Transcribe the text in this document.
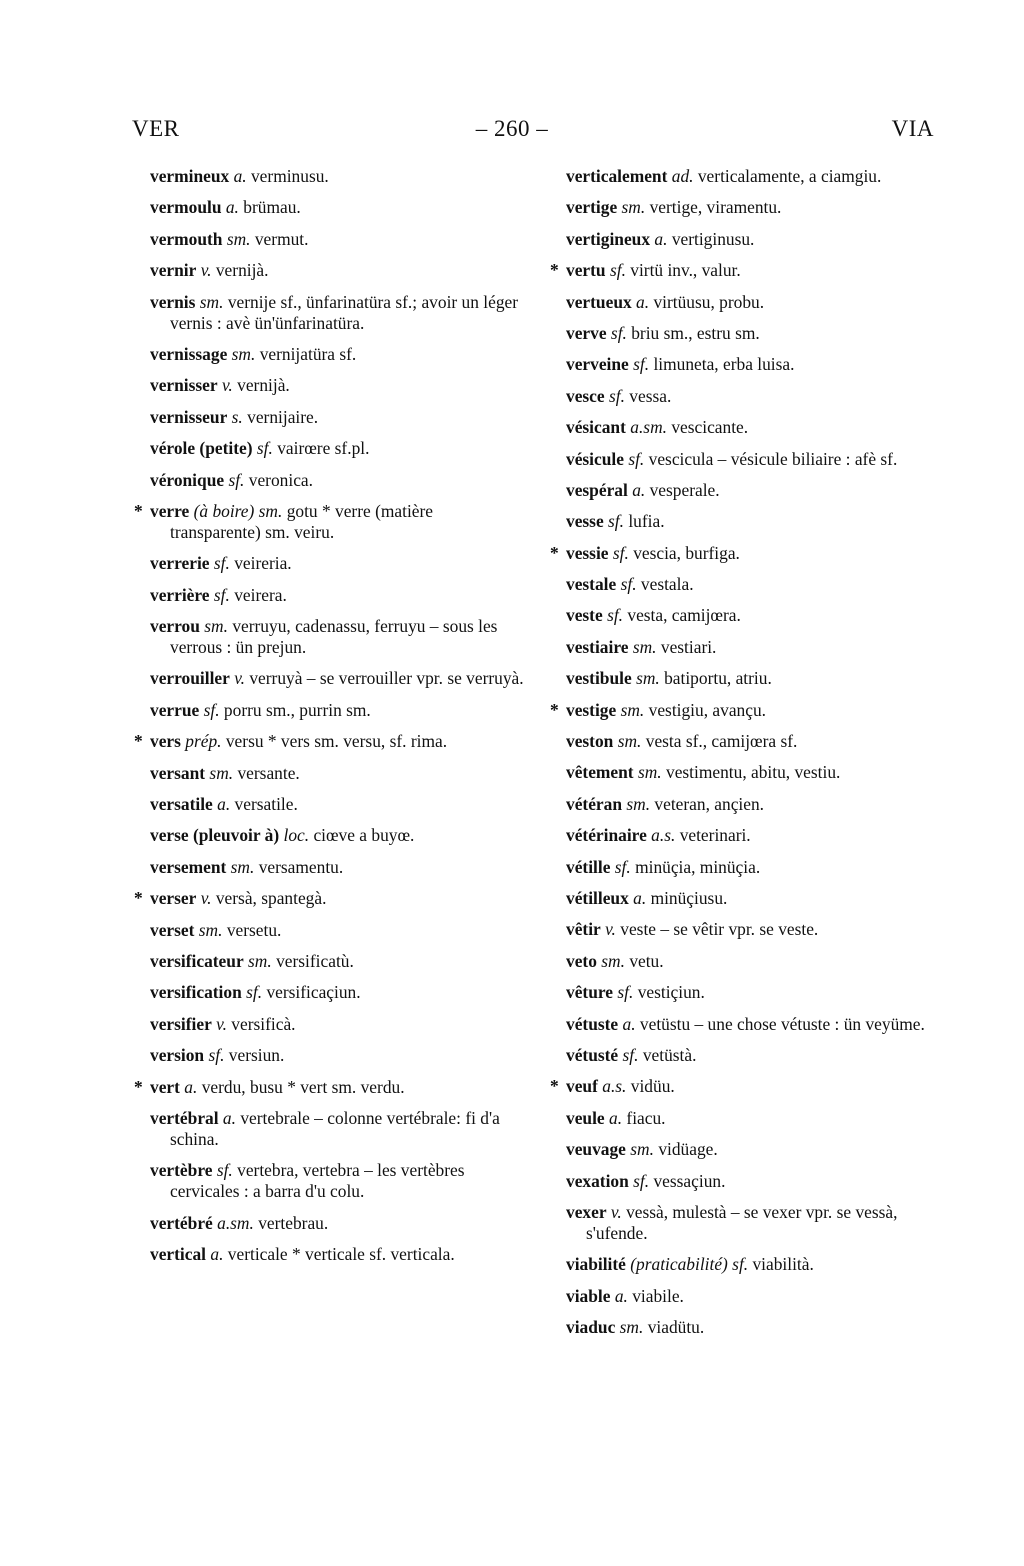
VER	– 260 –	VIA
vermineux a. verminusu.
vermoulu a. brümau.
vermouth sm. vermut.
vernir v. vernijà.
vernis sm. vernije sf., ünfarinatüra sf.; avoir un léger vernis : avè ün'ünfarinatüra.
vernissage sm. vernijatüra sf.
vernisser v. vernijà.
vernisseur s. vernijaire.
vérole (petite) sf. vairœre sf.pl.
véronique sf. veronica.
* verre (à boire) sm. gotu * verre (matière transparente) sm. veiru.
verrerie sf. veireria.
verrière sf. veirera.
verrou sm. verruyu, cadenassu, ferruyu – sous les verrous : ün prejun.
verrouiller v. verruyà – se verrouiller vpr. se verruyà.
verrue sf. porru sm., purrin sm.
* vers prép. versu * vers sm. versu, sf. rima.
versant sm. versante.
versatile a. versatile.
verse (pleuvoir à) loc. ciœve a buyœ.
versement sm. versamentu.
* verser v. versà, spantegà.
verset sm. versetu.
versificateur sm. versificatù.
versification sf. versificaçiun.
versifier v. versificà.
version sf. versiun.
* vert a. verdu, busu * vert sm. verdu.
vertébral a. vertebrale – colonne vertébrale: fi d'a schina.
vertèbre sf. vertebra, vertebra – les vertèbres cervicales : a barra d'u colu.
vertébré a.sm. vertebrau.
vertical a. verticale * verticale sf. verticala.
verticalement ad. verticalamente, a ciamgiu.
vertige sm. vertige, viramentu.
vertigineux a. vertiginusu.
* vertu sf. virtü inv., valur.
vertueux a. virtüusu, probu.
verve sf. briu sm., estru sm.
verveine sf. limuneta, erba luisa.
vesce sf. vessa.
vésicant a.sm. vescicante.
vésicule sf. vescicula – vésicule biliaire : afè sf.
vespéral a. vesperale.
vesse sf. lufia.
* vessie sf. vescia, burfiga.
vestale sf. vestala.
veste sf. vesta, camijœra.
vestiaire sm. vestiari.
vestibule sm. batiportu, atriu.
* vestige sm. vestigiu, avançu.
veston sm. vesta sf., camijœra sf.
vêtement sm. vestimentu, abitu, vestiu.
vétéran sm. veteran, ançien.
vétérinaire a.s. veterinari.
vétille sf. minüçia, minüçia.
vétilleux a. minüçiusu.
vêtir v. veste – se vêtir vpr. se veste.
veto sm. vetu.
vêture sf. vestiçiun.
vétuste a. vetüstu – une chose vétuste : ün veyüme.
vétusté sf. vetüstà.
* veuf a.s. vidüu.
veule a. fiacu.
veuvage sm. vidüage.
vexation sf. vessaçiun.
vexer v. vessà, mulestà – se vexer vpr. se vessà, s'ufende.
viabilité (praticabilité) sf. viabilità.
viable a. viabile.
viaduc sm. viadütu.
